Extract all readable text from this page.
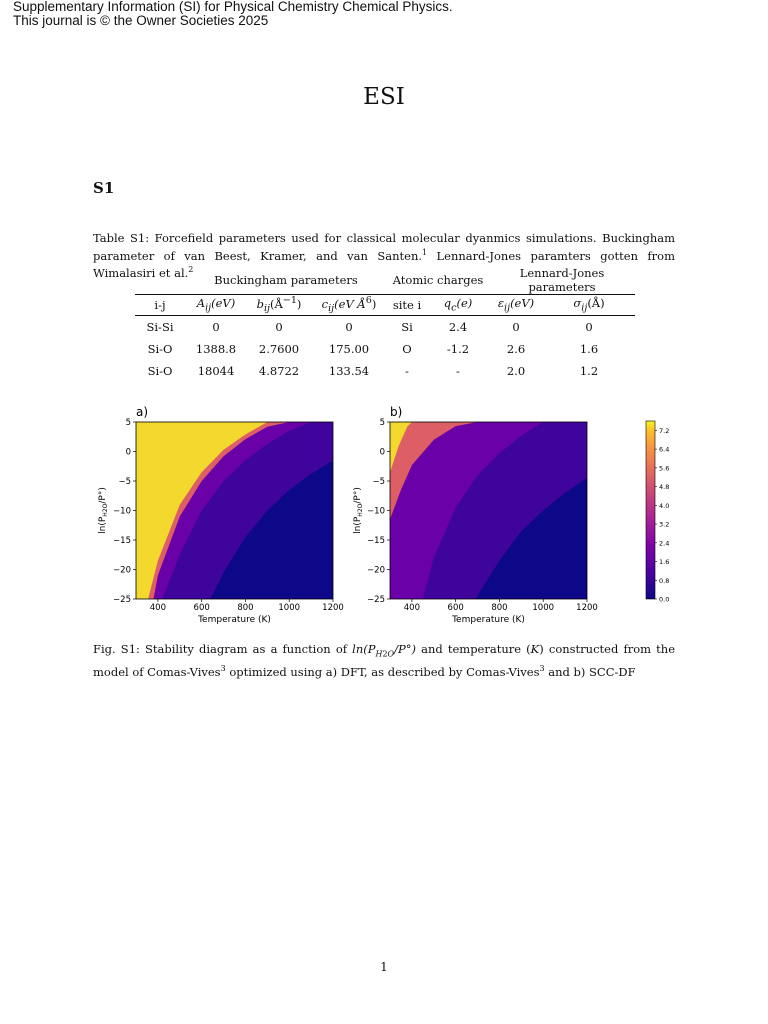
Supplementary Information (SI) for Physical Chemistry Chemical Physics.
This journal is © the Owner Societies 2025
ESI
S1
Table S1: Forcefield parameters used for classical molecular dyanmics simulations. Buckingham parameter of van Beest, Kramer, and van Santen.$^1$ Lennard-Jones paramters gotten from Wimalasiri et al.$^2$
	Buckingham parameters			Atomic charges		Lennard-Jones parameters	
i-j	$A_{ij}(eV)$	$b_{ij}(Å^{-1})$	$c_{ij}(eV$ $Å^6$)	site i	$q_c(e)$	$\varepsilon_{ij}(eV)$	$\sigma_{ij}(Å)$
Si-Si	0	0	0	Si	2.4	0	0
Si-O	1388.8	2.7600	175.00	O	-1.2	2.6	1.6
Si-O	18044	4.8722	133.54	-	-	2.0	1.2
400	600	800	1000	1200
5
0
−5
−10
−15
−20
−25
a)
Temperature (K)
$\ln(P_{H2O}/P^\circ)$
400	600	800	1000	1200
5
0
−5
−10
−15
−20
−25
b)
Temperature (K)
$\ln(P_{H2O}/P^\circ)$
0.0
0.8
1.6
2.4
3.2
4.0
4.8
5.6
6.4
7.2
Fig. S1: Stability diagram as a function of $\ln(P_{H2O}/P^\circ)$ and temperature (K) constructed from the model of Comas-Vives$^3$ optimized using a) DFT, as described by Comas-Vives$^3$ and b) SCC-DF
1
